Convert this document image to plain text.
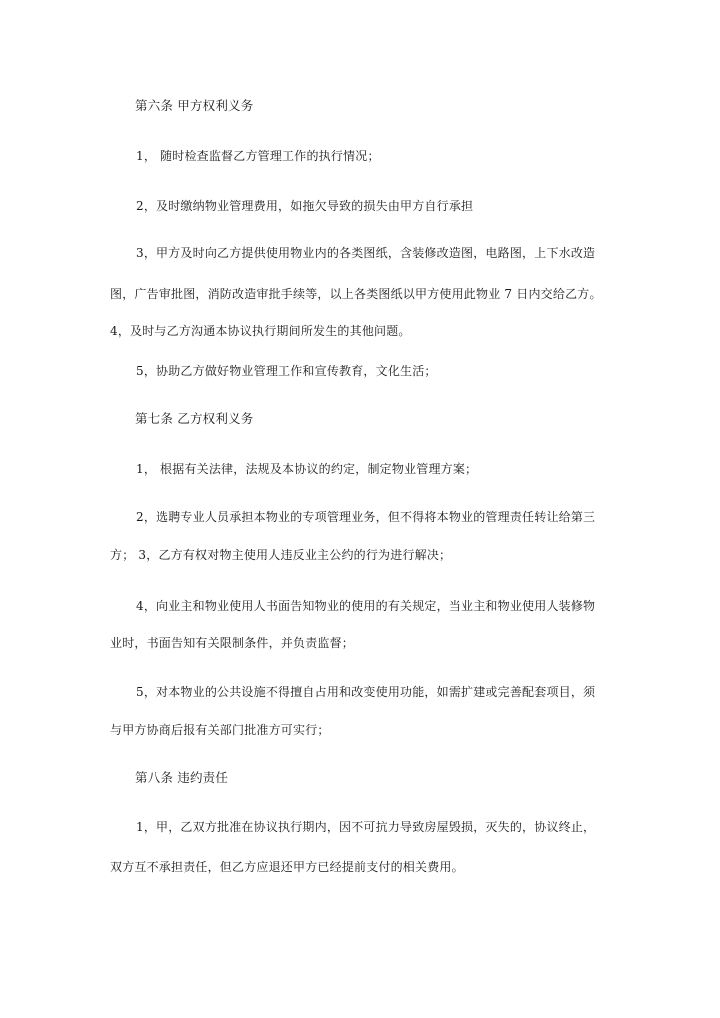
第六条 甲方权利义务
1， 随时检查监督乙方管理工作的执行情况；
2，及时缴纳物业管理费用，如拖欠导致的损失由甲方自行承担
3，甲方及时向乙方提供使用物业内的各类图纸，含装修改造图，电路图，上下水改造
图，广告审批图，消防改造审批手续等，以上各类图纸以甲方使用此物业 7 日内交给乙方。
4，及时与乙方沟通本协议执行期间所发生的其他问题。
5，协助乙方做好物业管理工作和宣传教育，文化生活；
第七条 乙方权利义务
1， 根据有关法律，法规及本协议的约定，制定物业管理方案；
2，选聘专业人员承担本物业的专项管理业务，但不得将本物业的管理责任转让给第三
方； 3，乙方有权对物主使用人违反业主公约的行为进行解决；
4，向业主和物业使用人书面告知物业的使用的有关规定，当业主和物业使用人装修物
业时，书面告知有关限制条件，并负责监督；
5，对本物业的公共设施不得擅自占用和改变使用功能，如需扩建或完善配套项目，须
与甲方协商后报有关部门批准方可实行；
第八条 违约责任
1，甲，乙双方批准在协议执行期内，因不可抗力导致房屋毁损，灭失的，协议终止，
双方互不承担责任，但乙方应退还甲方已经提前支付的相关费用。
